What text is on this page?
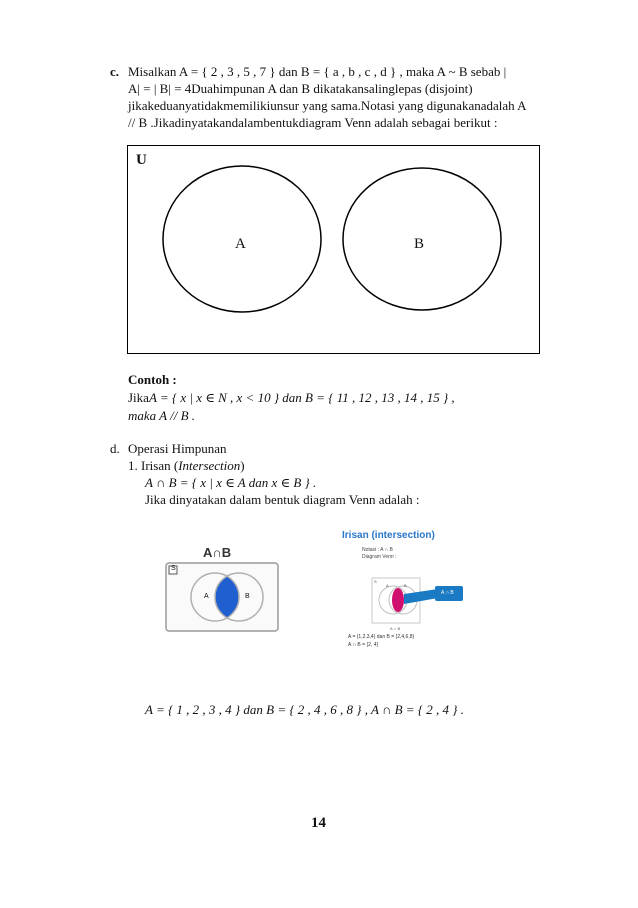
c. Misalkan A = { 2 , 3 , 5 , 7 } dan B = { a , b , c , d } , maka A ~ B sebab |
A| = | B| = 4Duahimpunan A dan B dikatakansalinglepas (disjoint)
jikakeduanyatidakmemilikiunsur yang sama.Notasi yang digunakanadalah A
// B .Jikadinyatakandalambentukdiagram Venn adalah sebagai berikut :
U
A	B
Contoh :
JikaA = { x | x ∈ N , x < 10 } dan B = { 11 , 12 , 13 , 14 , 15 } ,
maka A // B .
d. Operasi Himpunan
1. Irisan (Intersection)
A ∩ B = { x | x ∈ A dan x ∈ B } .
Jika dinyatakan dalam bentuk diagram Venn adalah :
A∩B
S
A	B
Irisan (intersection)
Notasi : A ∩ B
Diagram Venn :
S
A	B
A ∩ B
A ∩ B
A = {1,2,3,4} dan B = {2,4,6,8}
A ∩ B = {2, 4}
A = { 1 , 2 , 3 , 4 } dan B = { 2 , 4 , 6 , 8 } , A ∩ B = { 2 , 4 } .
14
